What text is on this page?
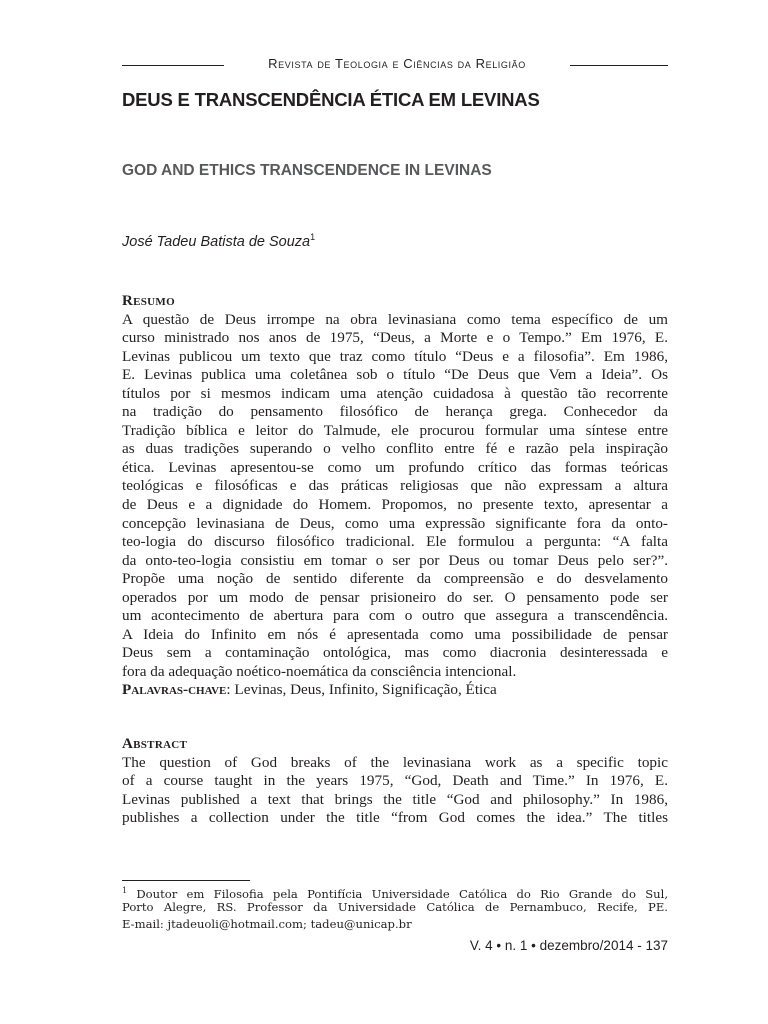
Revista de Teologia e Ciências da Religião
DEUS E TRANSCENDÊNCIA ÉTICA EM LEVINAS
GOD AND ETHICS TRANSCENDENCE IN LEVINAS
José Tadeu Batista de Souza$^1$
Resumo
A questão de Deus irrompe na obra levinasiana como tema específico de um
curso ministrado nos anos de 1975, “Deus, a Morte e o Tempo.” Em 1976, E.
Levinas publicou um texto que traz como título “Deus e a filosofia”. Em 1986,
E. Levinas publica uma coletânea sob o título “De Deus que Vem a Ideia”. Os
títulos por si mesmos indicam uma atenção cuidadosa à questão tão recorrente
na tradição do pensamento filosófico de herança grega. Conhecedor da
Tradição bíblica e leitor do Talmude, ele procurou formular uma síntese entre
as duas tradições superando o velho conflito entre fé e razão pela inspiração
ética. Levinas apresentou-se como um profundo crítico das formas teóricas
teológicas e filosóficas e das práticas religiosas que não expressam a altura
de Deus e a dignidade do Homem. Propomos, no presente texto, apresentar a
concepção levinasiana de Deus, como uma expressão significante fora da onto-
teo-logia do discurso filosófico tradicional. Ele formulou a pergunta: “A falta
da onto-teo-logia consistiu em tomar o ser por Deus ou tomar Deus pelo ser?”.
Propõe uma noção de sentido diferente da compreensão e do desvelamento
operados por um modo de pensar prisioneiro do ser. O pensamento pode ser
um acontecimento de abertura para com o outro que assegura a transcendência.
A Ideia do Infinito em nós é apresentada como uma possibilidade de pensar
Deus sem a contaminação ontológica, mas como diacronia desinteressada e
fora da adequação noético-noemática da consciência intencional.
Palavras-chave: Levinas, Deus, Infinito, Significação, Ética
Abstract
The question of God breaks of the levinasiana work as a specific topic
of a course taught in the years 1975, “God, Death and Time.” In 1976, E.
Levinas published a text that brings the title “God and philosophy.” In 1986,
publishes a collection under the title “from God comes the idea.” The titles
$^1$ Doutor em Filosofia pela Pontifícia Universidade Católica do Rio Grande do Sul,
Porto Alegre, RS. Professor da Universidade Católica de Pernambuco, Recife, PE.
E-mail: jtadeuoli@hotmail.com; tadeu@unicap.br
V. 4 • n. 1 • dezembro/2014 - 137
